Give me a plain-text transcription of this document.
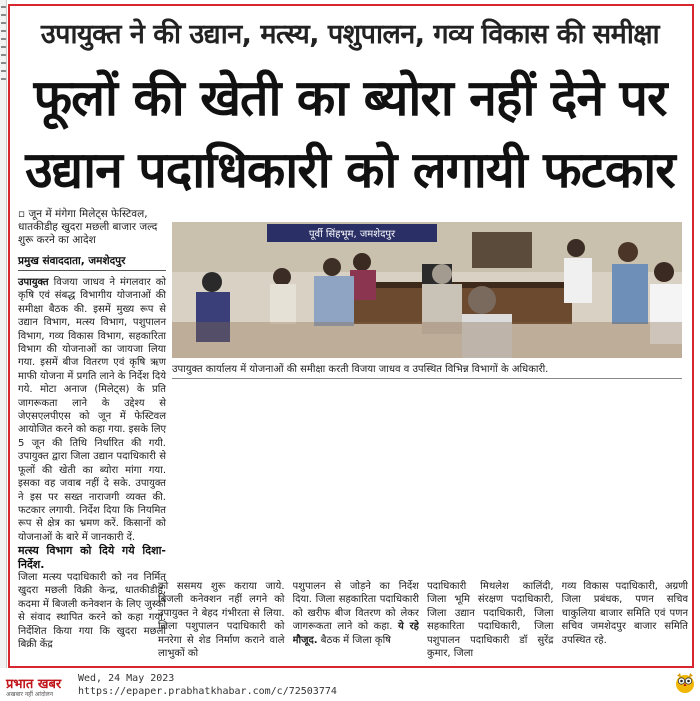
उपायुक्त ने की उद्यान, मत्स्य, पशुपालन, गव्य विकास की समीक्षा
फूलों की खेती का ब्योरा नहीं देने पर
उद्यान पदाधिकारी को लगायी फटकार
▫ जून में मंगेगा मिलेट्स फेस्टिवल, धातकीडीह खुदरा मछली बाजार जल्द शुरू करने का आदेश
प्रमुख संवाददाता, जमशेदपुर
उपायुक्त विजया जाधव ने मंगलवार को कृषि एवं संबद्ध विभागीय योजनाओं की समीक्षा बैठक की. इसमें मुख्य रूप से उद्यान विभाग, मत्स्य विभाग, पशुपालन विभाग, गव्य विकास विभाग, सहकारिता विभाग की योजनाओं का जायजा लिया गया. इसमें बीज वितरण एवं कृषि ऋण माफी योजना में प्रगति लाने के निर्देश दिये गये. मोटा अनाज (मिलेट्स) के प्रति जागरूकता लाने के उद्देश्य से जेएसएलपीएस को जून में फेस्टिवल आयोजित करने को कहा गया. इसके लिए 5 जून की तिथि निर्धारित की गयी. उपायुक्त द्वारा जिला उद्यान पदाधिकारी से फूलों की खेती का ब्योरा मांगा गया. इसका वह जवाब नहीं दे सके. उपायुक्त ने इस पर सख्त नाराजगी व्यक्त की. फटकार लगायी. निर्देश दिया कि नियमित रूप से क्षेत्र का भ्रमण करें. किसानों को योजनाओं के बारे में जानकारी दें.
मत्स्य विभाग को दिये गये दिशा-निर्देश.
जिला मत्स्य पदाधिकारी को नव निर्मित खुदरा मछली विक्री केन्द्र, धातकीडीह, कदमा में बिजली कनेक्शन के लिए जुस्को से संवाद स्थापित करने को कहा गया. निर्देशित किया गया कि खुदरा मछली बिक्री केंद्र
पूर्वी सिंहभूम, जमशेदपुर
उपायुक्त कार्यालय में योजनाओं की समीक्षा करती विजया जाधव व उपस्थित विभिन्न विभागों के अधिकारी.
को ससमय शुरू कराया जाये. बिजली कनेक्शन नहीं लगने को उपायुक्त ने बेहद गंभीरता से लिया. जिला पशुपालन पदाधिकारी को मनरेगा से शेड निर्माण कराने वाले लाभुकों को
पशुपालन से जोड़ने का निर्देश दिया. जिला सहकारिता पदाधिकारी को खरीफ बीज वितरण को लेकर जागरूकता लाने को कहा. ये रहे मौजूद. बैठक में जिला कृषि
पदाधिकारी मिथलेश कालिंदी, जिला भूमि संरक्षण पदाधिकारी, जिला उद्यान पदाधिकारी, जिला सहकारिता पदाधिकारी, जिला पशुपालन पदाधिकारी डॉ सुरेंद्र कुमार, जिला
गव्य विकास पदाधिकारी, अग्रणी जिला प्रबंधक, पणन सचिव चाकुलिया बाजार समिति एवं पणन सचिव जमशेदपुर बाजार समिति उपस्थित रहे.
प्रभात खबर
अखबार नहीं आंदोलन
Wed, 24 May 2023
https://epaper.prabhatkhabar.com/c/72503774
